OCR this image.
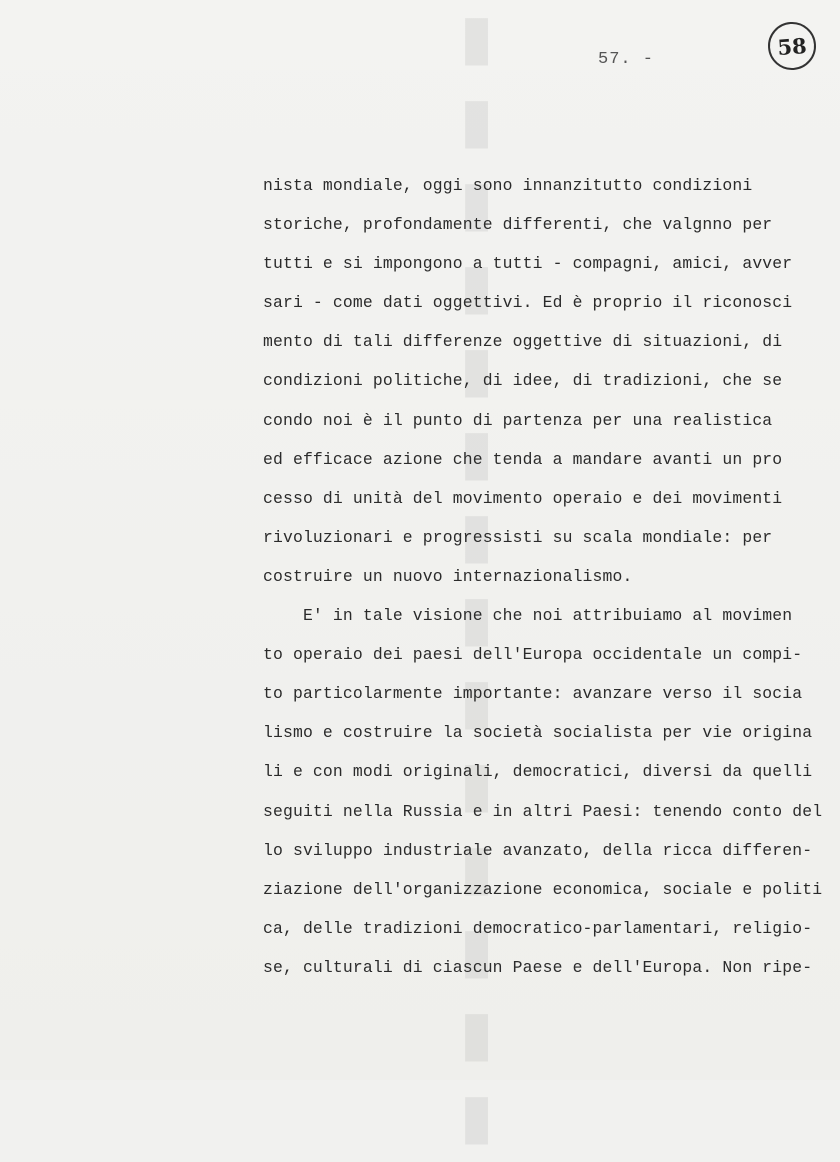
▮▮▮▮▮▮▮▮▮▮▮▮▮▮	57. -
58
nista mondiale, oggi sono innanzitutto condizioni
storiche, profondamente differenti, che valgnno per
tutti e si impongono a tutti - compagni, amici, avver
sari - come dati oggettivi. Ed è proprio il riconosci
mento di tali differenze oggettive di situazioni, di
condizioni politiche, di idee, di tradizioni, che se
condo noi è il punto di partenza per una realistica
ed efficace azione che tenda a mandare avanti un pro
cesso di unità del movimento operaio e dei movimenti
rivoluzionari e progressisti su scala mondiale: per
costruire un nuovo internazionalismo.
E' in tale visione che noi attribuiamo al movimen
to operaio dei paesi dell'Europa occidentale un compi-
to particolarmente importante: avanzare verso il socia
lismo e costruire la società socialista per vie origina
li e con modi originali, democratici, diversi da quelli
seguiti nella Russia e in altri Paesi: tenendo conto del
lo sviluppo industriale avanzato, della ricca differen-
ziazione dell'organizzazione economica, sociale e politi
ca, delle tradizioni democratico-parlamentari, religio-
se, culturali di ciascun Paese e dell'Europa. Non ripe-
